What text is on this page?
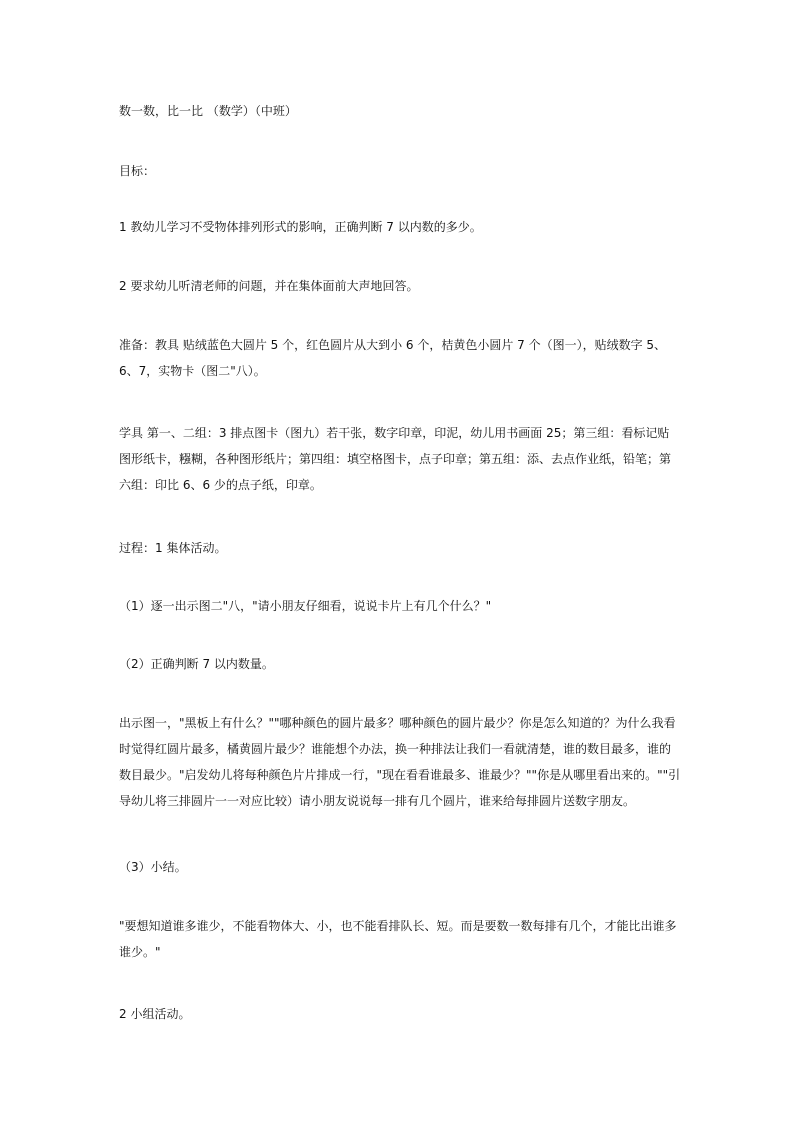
数一数，比一比 （数学）（中班）

目标：

1 教幼儿学习不受物体排列形式的影响，正确判断 7 以内数的多少。

2 要求幼儿听清老师的问题，并在集体面前大声地回答。

准备：教具 贴绒蓝色大圆片 5 个，红色圆片从大到小 6 个，桔黄色小圆片 7 个（图一），贴绒数字 5、6、7，实物卡（图二"八）。

学具 第一、二组：3 排点图卡（图九）若干张，数字印章，印泥，幼儿用书画面 25；第三组：看标记贴图形纸卡，糨糊，各种图形纸片；第四组：填空格图卡，点子印章；第五组：添、去点作业纸，铅笔；第六组：印比 6、6 少的点子纸，印章。

过程：1 集体活动。

（1）逐一出示图二"八，"请小朋友仔细看，说说卡片上有几个什么？"

（2）正确判断 7 以内数量。

出示图一，"黑板上有什么？""哪种颜色的圆片最多？哪种颜色的圆片最少？你是怎么知道的？为什么我看时觉得红圆片最多，橘黄圆片最少？谁能想个办法，换一种排法让我们一看就清楚，谁的数目最多，谁的数目最少。"启发幼儿将每种颜色片片排成一行，"现在看看谁最多、谁最少？""你是从哪里看出来的。""引导幼儿将三排圆片一一对应比较）请小朋友说说每一排有几个圆片，谁来给每排圆片送数字朋友。

（3）小结。

"要想知道谁多谁少，不能看物体大、小，也不能看排队长、短。而是要数一数每排有几个，才能比出谁多谁少。"

2 小组活动。
